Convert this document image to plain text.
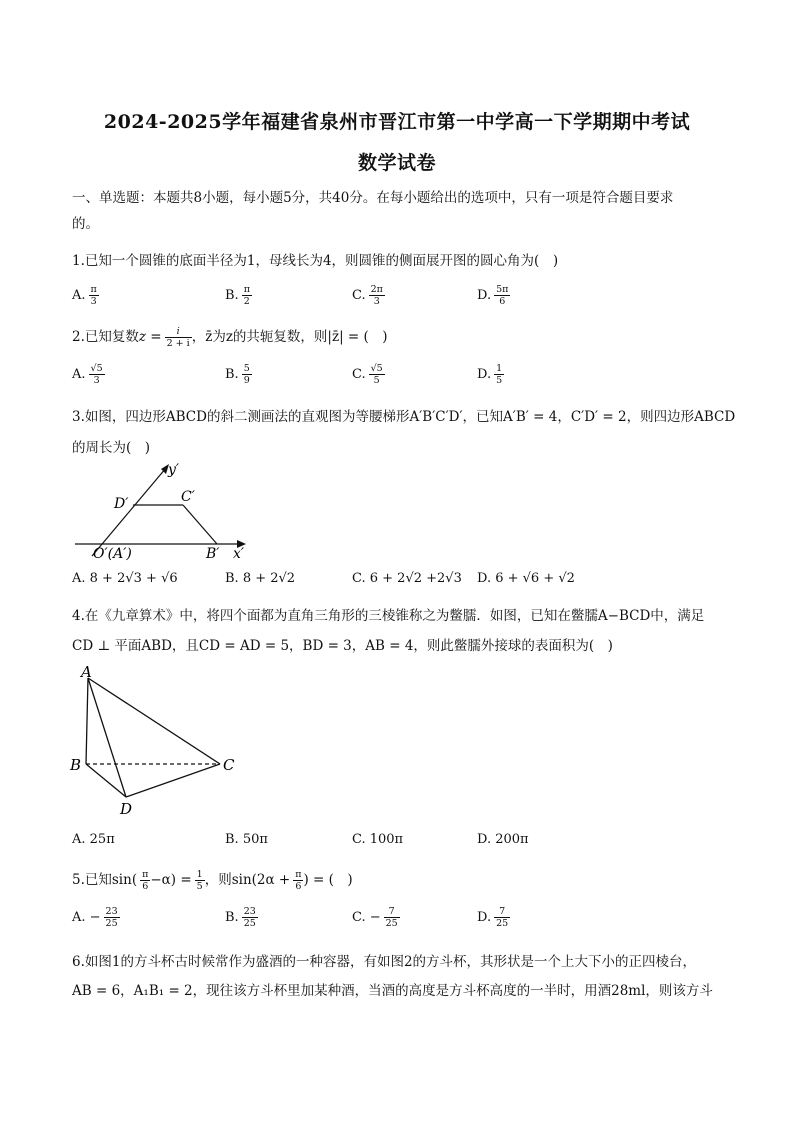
2024-2025学年福建省泉州市晋江市第一中学高一下学期期中考试
数学试卷
一、单选题：本题共8小题，每小题5分，共40分。在每小题给出的选项中，只有一项是符合题目要求
的。
1.已知一个圆锥的底面半径为1，母线长为4，则圆锥的侧面展开图的圆心角为(　)
A. $\frac{\pi}{3}$	B. $\frac{\pi}{2}$	C. $\frac{2\pi}{3}$	D. $\frac{5\pi}{6}$
2.已知复数$z = \frac{i}{2 + i}$ ，z̄为z的共轭复数，则|z̄| = (　)
A. $\frac{√5}{3}$	B. $\frac{5}{9}$	C. $\frac{√5}{5}$	D. $\frac{1}{5}$
3.如图，四边形ABCD的斜二测画法的直观图为等腰梯形A′B′C′D′，已知A′B′ = 4，C′D′ = 2，则四边形ABCD
的周长为(　)
y′
D′	C′
O′(A′)	B′ x′
A. 8 + 2√3 + √6	B. 8 + 2√2	C. 6 + 2√2 +2√3 D. 6 + √6 + √2
4.在《九章算术》中，将四个面都为直角三角形的三棱锥称之为鳖臑．如图，已知在鳖臑A−BCD中，满足
CD ⊥ 平面ABD，且CD = AD = 5，BD = 3，AB = 4，则此鳖臑外接球的表面积为(　)
A
B	C
D
A. 25π	B. 50π	C. 100π	D. 200π
5.已知$\sin( \frac{\pi}{6} -\alpha) = \frac{1}{5}$ ，则$\sin(2\alpha + \frac{\pi}{6}$ ) = (　)
A. − $\frac{23}{25}$	B. $\frac{23}{25}$	C. − $\frac{7}{25}$	D. $\frac{7}{25}$
6.如图1的方斗杯古时候常作为盛酒的一种容器，有如图2的方斗杯，其形状是一个上大下小的正四棱台，
AB = 6，A₁B₁ = 2，现往该方斗杯里加某种酒，当酒的高度是方斗杯高度的一半时，用酒28ml，则该方斗
